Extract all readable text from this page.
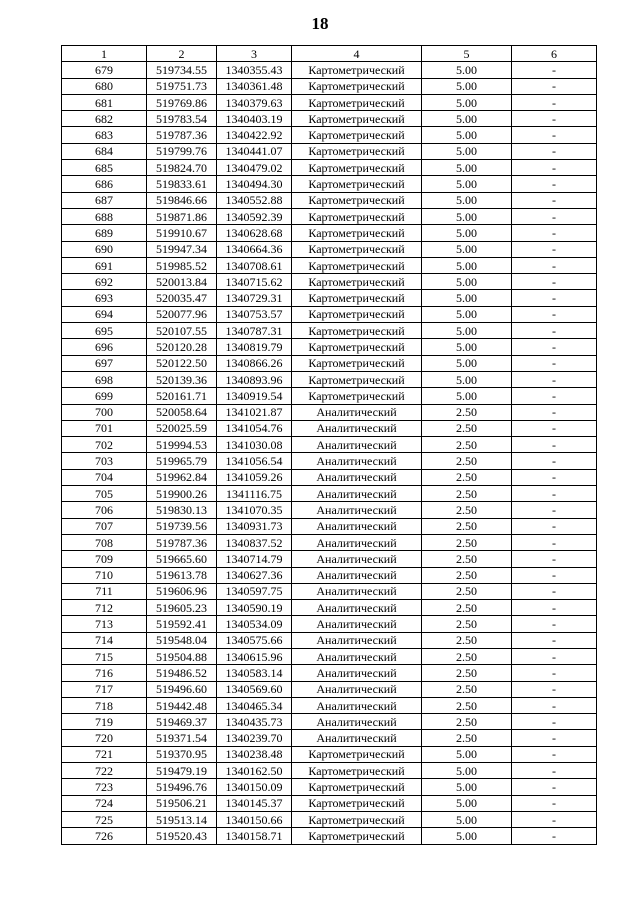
18
1	2	3	4	5	6
679	519734.55	1340355.43	Картометрический	5.00	-
680	519751.73	1340361.48	Картометрический	5.00	-
681	519769.86	1340379.63	Картометрический	5.00	-
682	519783.54	1340403.19	Картометрический	5.00	-
683	519787.36	1340422.92	Картометрический	5.00	-
684	519799.76	1340441.07	Картометрический	5.00	-
685	519824.70	1340479.02	Картометрический	5.00	-
686	519833.61	1340494.30	Картометрический	5.00	-
687	519846.66	1340552.88	Картометрический	5.00	-
688	519871.86	1340592.39	Картометрический	5.00	-
689	519910.67	1340628.68	Картометрический	5.00	-
690	519947.34	1340664.36	Картометрический	5.00	-
691	519985.52	1340708.61	Картометрический	5.00	-
692	520013.84	1340715.62	Картометрический	5.00	-
693	520035.47	1340729.31	Картометрический	5.00	-
694	520077.96	1340753.57	Картометрический	5.00	-
695	520107.55	1340787.31	Картометрический	5.00	-
696	520120.28	1340819.79	Картометрический	5.00	-
697	520122.50	1340866.26	Картометрический	5.00	-
698	520139.36	1340893.96	Картометрический	5.00	-
699	520161.71	1340919.54	Картометрический	5.00	-
700	520058.64	1341021.87	Аналитический	2.50	-
701	520025.59	1341054.76	Аналитический	2.50	-
702	519994.53	1341030.08	Аналитический	2.50	-
703	519965.79	1341056.54	Аналитический	2.50	-
704	519962.84	1341059.26	Аналитический	2.50	-
705	519900.26	1341116.75	Аналитический	2.50	-
706	519830.13	1341070.35	Аналитический	2.50	-
707	519739.56	1340931.73	Аналитический	2.50	-
708	519787.36	1340837.52	Аналитический	2.50	-
709	519665.60	1340714.79	Аналитический	2.50	-
710	519613.78	1340627.36	Аналитический	2.50	-
711	519606.96	1340597.75	Аналитический	2.50	-
712	519605.23	1340590.19	Аналитический	2.50	-
713	519592.41	1340534.09	Аналитический	2.50	-
714	519548.04	1340575.66	Аналитический	2.50	-
715	519504.88	1340615.96	Аналитический	2.50	-
716	519486.52	1340583.14	Аналитический	2.50	-
717	519496.60	1340569.60	Аналитический	2.50	-
718	519442.48	1340465.34	Аналитический	2.50	-
719	519469.37	1340435.73	Аналитический	2.50	-
720	519371.54	1340239.70	Аналитический	2.50	-
721	519370.95	1340238.48	Картометрический	5.00	-
722	519479.19	1340162.50	Картометрический	5.00	-
723	519496.76	1340150.09	Картометрический	5.00	-
724	519506.21	1340145.37	Картометрический	5.00	-
725	519513.14	1340150.66	Картометрический	5.00	-
726	519520.43	1340158.71	Картометрический	5.00	-
